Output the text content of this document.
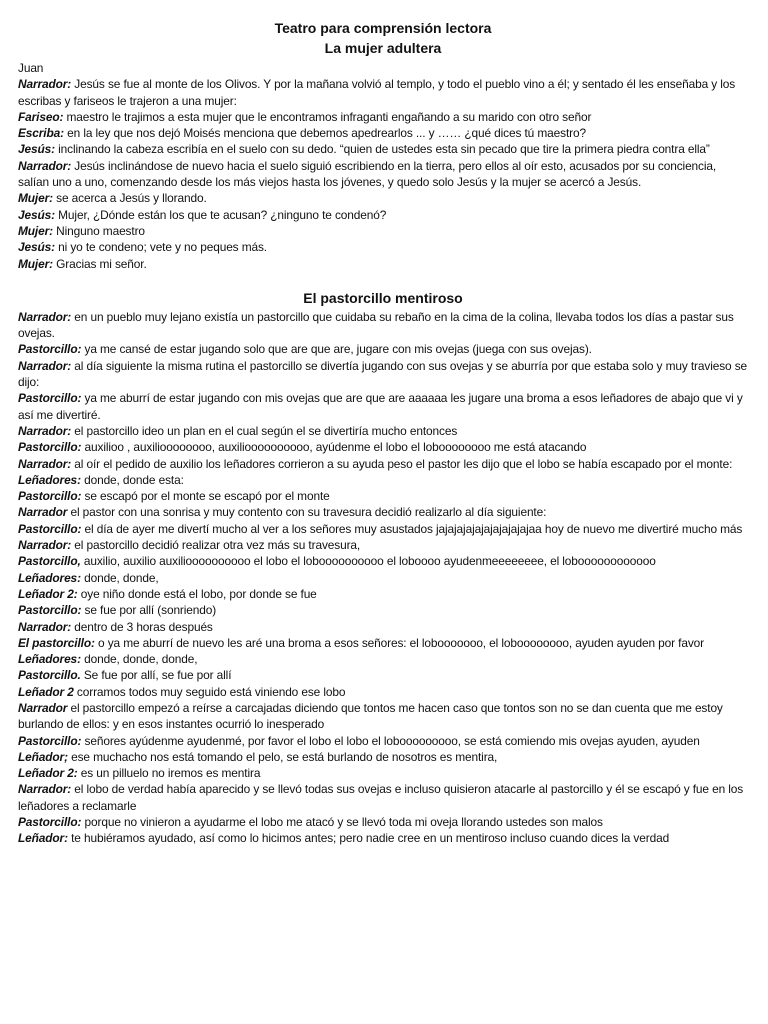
Teatro para comprensión lectora

La mujer adultera

Juan

Narrador: Jesús se fue al monte de los Olivos. Y por la mañana volvió al templo, y todo el pueblo vino a él; y sentado él les enseñaba y los escribas y fariseos le trajeron a una mujer:

Fariseo: maestro le trajimos a esta mujer que le encontramos infraganti engañando a su marido con otro señor

Escriba: en la ley que nos dejó Moisés menciona que debemos apedrearlos ... y …… ¿qué dices tú maestro?

Jesús: inclinando la cabeza escribía en el suelo con su dedo. “quien de ustedes esta sin pecado que tire la primera piedra contra ella”

Narrador: Jesús inclinándose de nuevo hacia el suelo siguió escribiendo en la tierra, pero ellos al oír esto, acusados por su conciencia, salían uno a uno, comenzando desde los más viejos hasta los jóvenes, y quedo solo Jesús y la mujer se acercó a Jesús.

Mujer: se acerca a Jesús y llorando.

Jesús: Mujer, ¿Dónde están los que te acusan? ¿ninguno te condenó?

Mujer: Ninguno maestro

Jesús: ni yo te condeno; vete y no peques más.

Mujer: Gracias mi señor.

El pastorcillo mentiroso

Narrador: en un pueblo muy lejano existía un pastorcillo que cuidaba su rebaño en la cima de la colina, llevaba todos los días a pastar sus ovejas.

Pastorcillo: ya me cansé de estar jugando solo que are que are, jugare con mis ovejas (juega con sus ovejas).

Narrador: al día siguiente la misma rutina el pastorcillo se divertía jugando con sus ovejas y se aburría por que estaba solo y muy travieso se dijo:

Pastorcillo: ya me aburrí de estar jugando con mis ovejas que are que are aaaaaa les jugare una broma a esos leñadores de abajo que vi y así me divertiré.

Narrador: el pastorcillo ideo un plan en el cual según el se divertiría mucho entonces

Pastorcillo: auxilioo , auxilioooooooo, auxilioooooooooo, ayúdenme el lobo el loboooooooo me está atacando

Narrador: al oír el pedido de auxilio los leñadores corrieron a su ayuda peso el pastor les dijo que el lobo se había escapado por el monte:

Leñadores: donde, donde esta:

Pastorcillo: se escapó por el monte se escapó por el monte

Narrador el pastor con una sonrisa y muy contento con su travesura decidió realizarlo al día siguiente:

Pastorcillo: el día de ayer me divertí mucho al ver a los señores muy asustados jajajajajajajajajajajaa hoy de nuevo me divertiré mucho más

Narrador: el pastorcillo decidió realizar otra vez más su travesura,

Pastorcillo, auxilio, auxilio auxilioooooooooo el lobo el loboooooooooo el loboooo ayudenmeeeeeeee, el loboooooooooooo

Leñadores: donde, donde,

Leñador 2: oye niño donde está el lobo, por donde se fue

Pastorcillo: se fue por allí (sonriendo)

Narrador: dentro de 3 horas después

El pastorcillo: o ya me aburrí de nuevo les aré una broma a esos señores: el lobooooooo, el loboooooooo, ayuden ayuden por favor

Leñadores: donde, donde, donde,

Pastorcillo. Se fue por allí, se fue por allí

Leñador 2 corramos todos muy seguido está viniendo ese lobo

Narrador el pastorcillo empezó a reírse a carcajadas diciendo que tontos me hacen caso que tontos son no se dan cuenta que me estoy burlando de ellos: y en esos instantes ocurrió lo inesperado

Pastorcillo: señores ayúdenme ayudenmé, por favor el lobo el lobo el lobooooooooo, se está comiendo mis ovejas ayuden, ayuden

Leñador; ese muchacho nos está tomando el pelo, se está burlando de nosotros es mentira,

Leñador 2: es un pilluelo no iremos es mentira

Narrador: el lobo de verdad había aparecido y se llevó todas sus ovejas e incluso quisieron atacarle al pastorcillo y él se escapó y fue en los leñadores a reclamarle

Pastorcillo: porque no vinieron a ayudarme el lobo me atacó y se llevó toda mi oveja llorando ustedes son malos

Leñador: te hubiéramos ayudado, así como lo hicimos antes; pero nadie cree en un mentiroso incluso cuando dices la verdad
